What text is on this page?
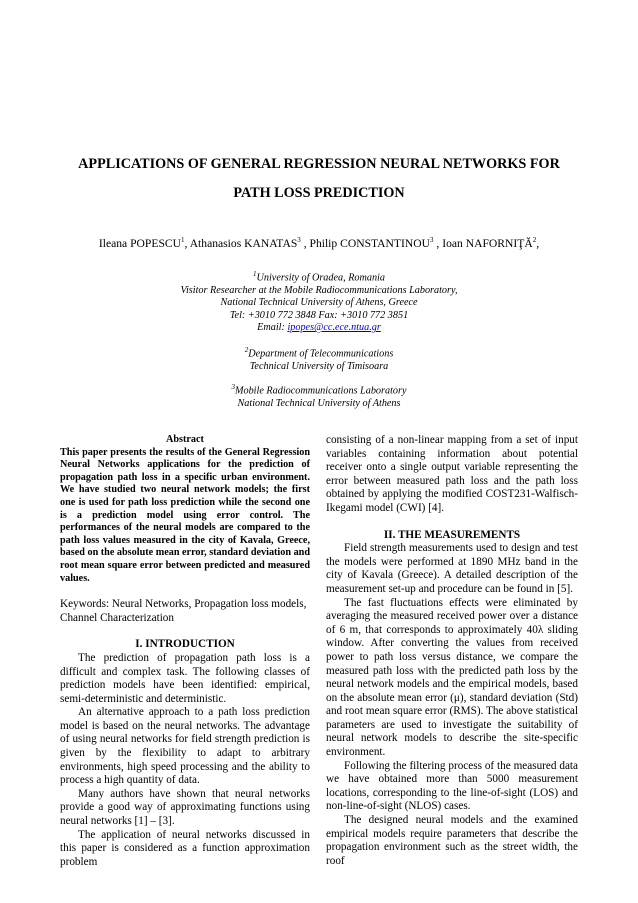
APPLICATIONS OF GENERAL REGRESSION NEURAL NETWORKS FOR
PATH LOSS PREDICTION
Ileana POPESCU$^1$, Athanasios KANATAS$^3$ , Philip CONSTANTINOU$^3$ , Ioan NAFORNIŢĂ$^2$,
$^1$University of Oradea, Romania
Visitor Researcher at the Mobile Radiocommunications Laboratory,
National Technical University of Athens, Greece
Tel: +3010 772 3848 Fax: +3010 772 3851
Email: ipopes@cc.ece.ntua.gr
$^2$Department of Telecommunications
Technical University of Timisoara
$^3$Mobile Radiocommunications Laboratory
National Technical University of Athens

Abstract

This paper presents the results of the General Regression Neural Networks applications for the prediction of propagation path loss in a specific urban environment. We have studied two neural network models; the first one is used for path loss prediction while the second one is a prediction model using error control. The performances of the neural models are compared to the path loss values measured in the city of Kavala, Greece, based on the absolute mean error, standard deviation and root mean square error between predicted and measured values.

Keywords: Neural Networks, Propagation loss models, Channel Characterization

I. INTRODUCTION

The prediction of propagation path loss is a difficult and complex task. The following classes of prediction models have been identified: empirical, semi-deterministic and deterministic.

An alternative approach to a path loss prediction model is based on the neural networks. The advantage of using neural networks for field strength prediction is given by the flexibility to adapt to arbitrary environments, high speed processing and the ability to process a high quantity of data.

Many authors have shown that neural networks provide a good way of approximating functions using neural networks [1] – [3].

The application of neural networks discussed in this paper is considered as a function approximation problem

consisting of a non-linear mapping from a set of input variables containing information about potential receiver onto a single output variable representing the error between measured path loss and the path loss obtained by applying the modified COST231-Walfisch-Ikegami model (CWI) [4].

II. THE MEASUREMENTS

Field strength measurements used to design and test the models were performed at 1890 MHz band in the city of Kavala (Greece). A detailed description of the measurement set-up and procedure can be found in [5].

The fast fluctuations effects were eliminated by averaging the measured received power over a distance of 6 m, that corresponds to approximately 40λ sliding window. After converting the values from received power to path loss versus distance, we compare the measured path loss with the predicted path loss by the neural network models and the empirical models, based on the absolute mean error (μ), standard deviation (Std) and root mean square error (RMS). The above statistical parameters are used to investigate the suitability of neural network models to describe the site-specific environment.

Following the filtering process of the measured data we have obtained more than 5000 measurement locations, corresponding to the line-of-sight (LOS) and non-line-of-sight (NLOS) cases.

The designed neural models and the examined empirical models require parameters that describe the propagation environment such as the street width, the roof
